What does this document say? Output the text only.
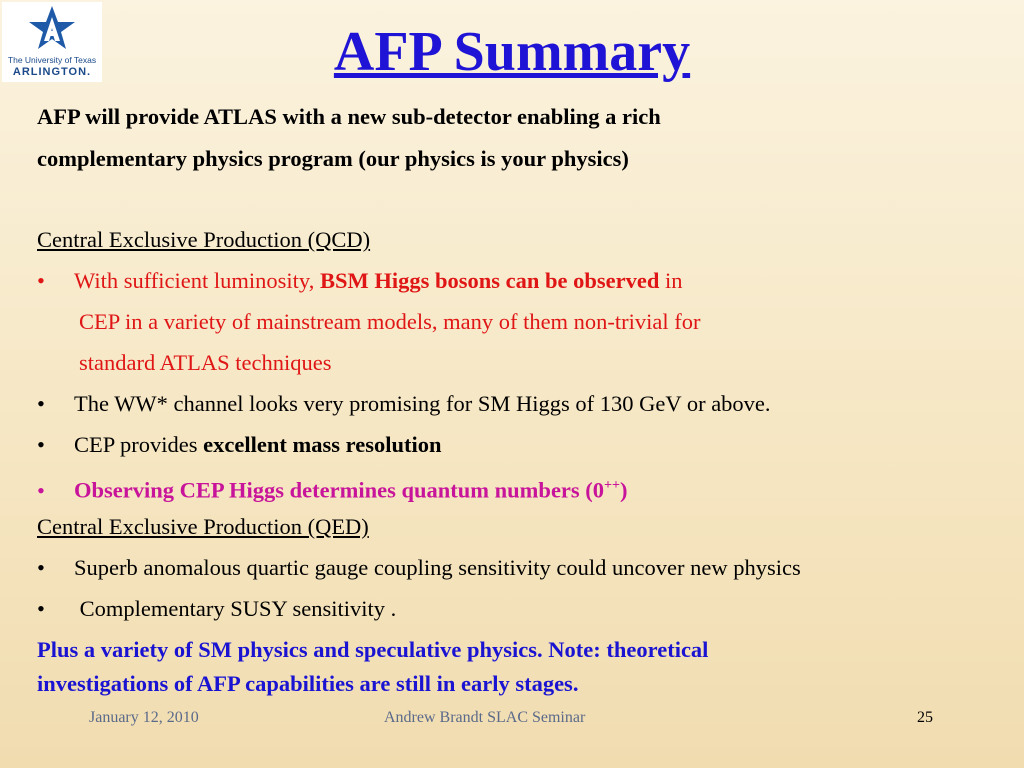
The University of Texas
ARLINGTON.	AFP Summary
AFP will provide ATLAS with a new sub-detector enabling a rich
complementary physics program (our physics is your physics)
Central Exclusive Production (QCD)
• With sufficient luminosity, BSM Higgs bosons can be observed in
CEP in a variety of mainstream models, many of them non-trivial for
standard ATLAS techniques
• The WW* channel looks very promising for SM Higgs of 130 GeV or above.
• CEP provides excellent mass resolution
• Observing CEP Higgs determines quantum numbers (0++)
Central Exclusive Production (QED)
• Superb anomalous quartic gauge coupling sensitivity could uncover new physics
• Complementary SUSY sensitivity .
Plus a variety of SM physics and speculative physics. Note: theoretical
investigations of AFP capabilities are still in early stages.
January 12, 2010	Andrew Brandt SLAC Seminar	25
